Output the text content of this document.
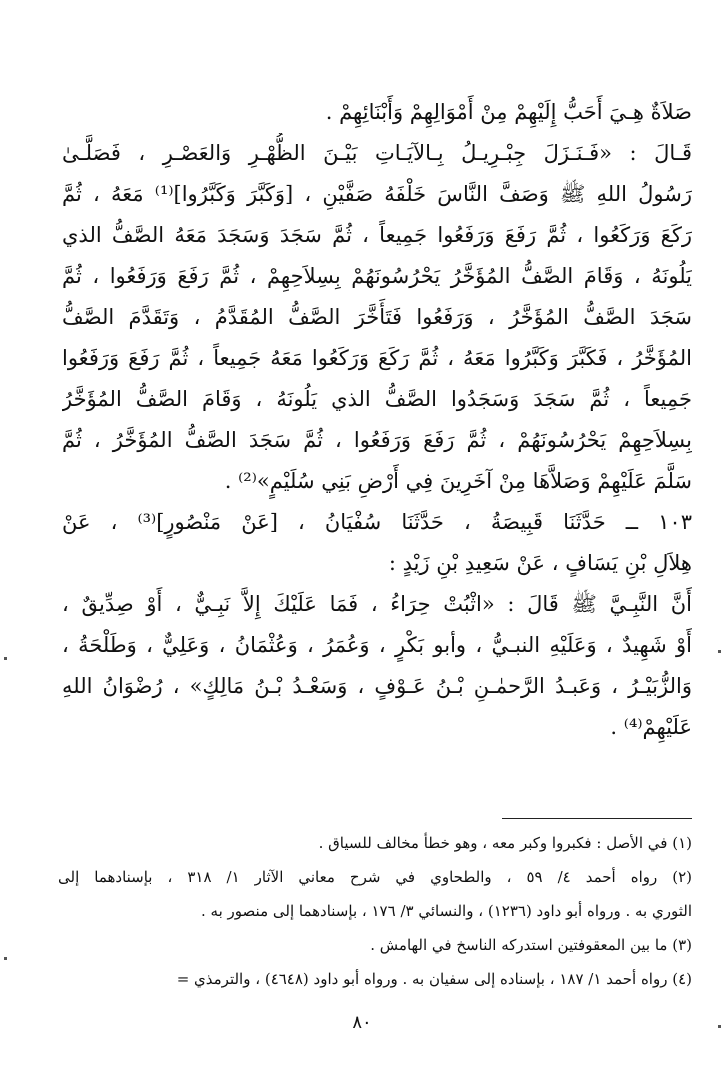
صَلاَةٌ هِـيَ أَحَبُّ إِلَيْهِمْ مِنْ أَمْوَالِهِمْ وَأَبْنَائِهِمْ .
قَـالَ : «فَـنَـزَلَ جِبْـرِيـلُ بِـالآيَـاتِ بَيْـنَ الظُّهْـرِ وَالعَصْـرِ ، فَصَلَّـىٰ
رَسُولُ اللهِ ﷺ وَصَفَّ النَّاسَ خَلْفَهُ صَفَّيْنِ ، [وَكَبَّرَ وَكَبَّرُوا]⁽¹⁾ مَعَهُ ، ثُمَّ
رَكَعَ وَرَكَعُوا ، ثُمَّ رَفَعَ وَرَفَعُوا جَمِيعاً ، ثُمَّ سَجَدَ وَسَجَدَ مَعَهُ الصَّفُّ الذي
يَلُونَهُ ، وَقَامَ الصَّفُّ المُؤَخَّرُ يَحْرُسُونَهُمْ بِسِلاَحِهِمْ ، ثُمَّ رَفَعَ وَرَفَعُوا ، ثُمَّ
سَجَدَ الصَّفُّ المُؤَخَّرُ ، وَرَفَعُوا فَتَأَخَّرَ الصَّفُّ المُقَدَّمُ ، وَتَقَدَّمَ الصَّفُّ
المُؤَخَّرُ ، فَكَبَّرَ وَكَبَّرُوا مَعَهُ ، ثُمَّ رَكَعَ وَرَكَعُوا مَعَهُ جَمِيعاً ، ثُمَّ رَفَعَ وَرَفَعُوا
جَمِيعاً ، ثُمَّ سَجَدَ وَسَجَدُوا الصَّفُّ الذي يَلُونَهُ ، وَقَامَ الصَّفُّ المُؤَخَّرُ
بِسِلاَحِهِمْ يَحْرُسُونَهُمْ ، ثُمَّ رَفَعَ وَرَفَعُوا ، ثُمَّ سَجَدَ الصَّفُّ المُؤَخَّرُ ، ثُمَّ
سَلَّمَ عَلَيْهِمْ وَصَلاَّهَا مِنْ آخَرِينَ فِي أَرْضِ بَنِي سُلَيْمٍ»⁽²⁾ .
١٠٣ ــ حَدَّثَنَا قَبِيصَةُ ، حَدَّثَنَا سُفْيَانُ ، [عَنْ مَنْصُورٍ]⁽³⁾ ، عَنْ
هِلاَلِ بْنِ يَسَافٍ ، عَنْ سَعِيدِ بْنِ زَيْدٍ :
أَنَّ النَّبِـيَّ ﷺ قَالَ : «اثْبُتْ حِرَاءُ ، فَمَا عَلَيْكَ إِلاَّ نَبِـيٌّ ، أَوْ صِدِّيقٌ ،
أَوْ شَهِيدٌ ، وَعَلَيْهِ النبـيُّ ، وأبو بَكْرٍ ، وَعُمَرُ ، وَعُثْمَانُ ، وَعَلِيٌّ ، وَطَلْحَةُ ،
وَالزُّبَيْـرُ ، وَعَبـدُ الرَّحمٰـنِ بْـنُ عَـوْفٍ ، وَسَعْـدُ بْـنُ مَالِكٍ» ، رُضْوَانُ اللهِ
عَلَيْهِمْ⁽⁴⁾ .
(١) في الأصل : فكبروا وكبر معه ، وهو خطأ مخالف للسياق .
(٢) رواه أحمد ٤/ ٥٩ ، والطحاوي في شرح معاني الآثار ١/ ٣١٨ ، بإسنادهما إلى
الثوري به . ورواه أبو داود (١٢٣٦) ، والنسائي ٣/ ١٧٦ ، بإسنادهما إلى منصور به .
(٣) ما بين المعقوفتين استدركه الناسخ في الهامش .
(٤) رواه أحمد ١/ ١٨٧ ، بإسناده إلى سفيان به . ورواه أبو داود (٤٦٤٨) ، والترمذي =
٨٠
